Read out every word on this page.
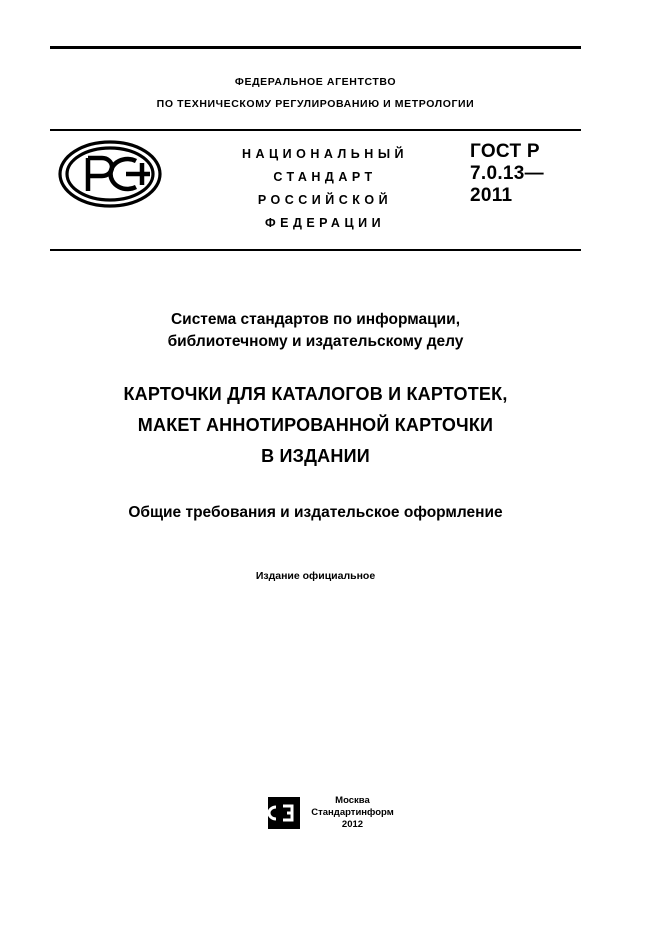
ФЕДЕРАЛЬНОЕ АГЕНТСТВО
ПО ТЕХНИЧЕСКОМУ РЕГУЛИРОВАНИЮ И МЕТРОЛОГИИ
НАЦИОНАЛЬНЫЙ
СТАНДАРТ
РОССИЙСКОЙ
ФЕДЕРАЦИИ
ГОСТ Р
7.0.13—
2011
Система стандартов по информации,
библиотечному и издательскому делу
КАРТОЧКИ ДЛЯ КАТАЛОГОВ И КАРТОТЕК,
МАКЕТ АННОТИРОВАННОЙ КАРТОЧКИ
В ИЗДАНИИ
Общие требования и издательское оформление
Издание официальное
Москва
Стандартинформ
2012
